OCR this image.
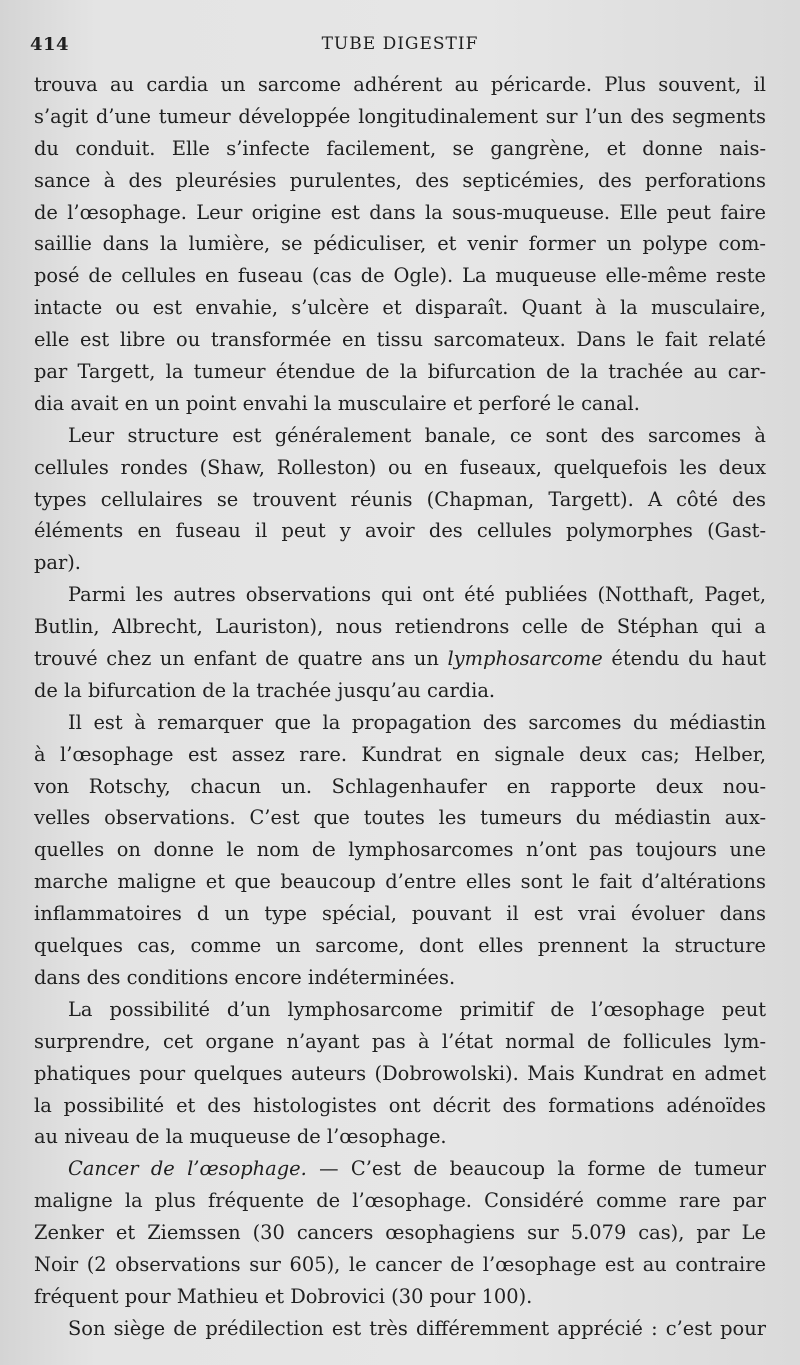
414	TUBE DIGESTIF
trouva au cardia un sarcome adhérent au péricarde. Plus souvent, il
s’agit d’une tumeur développée longitudinalement sur l’un des segments
du conduit. Elle s’infecte facilement, se gangrène, et donne nais-
sance à des pleurésies purulentes, des septicémies, des perforations
de l’œsophage. Leur origine est dans la sous-muqueuse. Elle peut faire
saillie dans la lumière, se pédiculiser, et venir former un polype com-
posé de cellules en fuseau (cas de Ogle). La muqueuse elle-même reste
intacte ou est envahie, s’ulcère et disparaît. Quant à la musculaire,
elle est libre ou transformée en tissu sarcomateux. Dans le fait relaté
par Targett, la tumeur étendue de la bifurcation de la trachée au car-
dia avait en un point envahi la musculaire et perforé le canal.
Leur structure est généralement banale, ce sont des sarcomes à
cellules rondes (Shaw, Rolleston) ou en fuseaux, quelquefois les deux
types cellulaires se trouvent réunis (Chapman, Targett). A côté des
éléments en fuseau il peut y avoir des cellules polymorphes (Gast-
par).
Parmi les autres observations qui ont été publiées (Notthaft, Paget,
Butlin, Albrecht, Lauriston), nous retiendrons celle de Stéphan qui a
trouvé chez un enfant de quatre ans un lymphosarcome étendu du haut
de la bifurcation de la trachée jusqu’au cardia.
Il est à remarquer que la propagation des sarcomes du médiastin
à l’œsophage est assez rare. Kundrat en signale deux cas; Helber,
von Rotschy, chacun un. Schlagenhaufer en rapporte deux nou-
velles observations. C’est que toutes les tumeurs du médiastin aux-
quelles on donne le nom de lymphosarcomes n’ont pas toujours une
marche maligne et que beaucoup d’entre elles sont le fait d’altérations
inflammatoires d un type spécial, pouvant il est vrai évoluer dans
quelques cas, comme un sarcome, dont elles prennent la structure
dans des conditions encore indéterminées.
La possibilité d’un lymphosarcome primitif de l’œsophage peut
surprendre, cet organe n’ayant pas à l’état normal de follicules lym-
phatiques pour quelques auteurs (Dobrowolski). Mais Kundrat en admet
la possibilité et des histologistes ont décrit des formations adénoïdes
au niveau de la muqueuse de l’œsophage.
Cancer de l’œsophage. — C’est de beaucoup la forme de tumeur
maligne la plus fréquente de l’œsophage. Considéré comme rare par
Zenker et Ziemssen (30 cancers œsophagiens sur 5.079 cas), par Le
Noir (2 observations sur 605), le cancer de l’œsophage est au contraire
fréquent pour Mathieu et Dobrovici (30 pour 100).
Son siège de prédilection est très différemment apprécié : c’est pour
